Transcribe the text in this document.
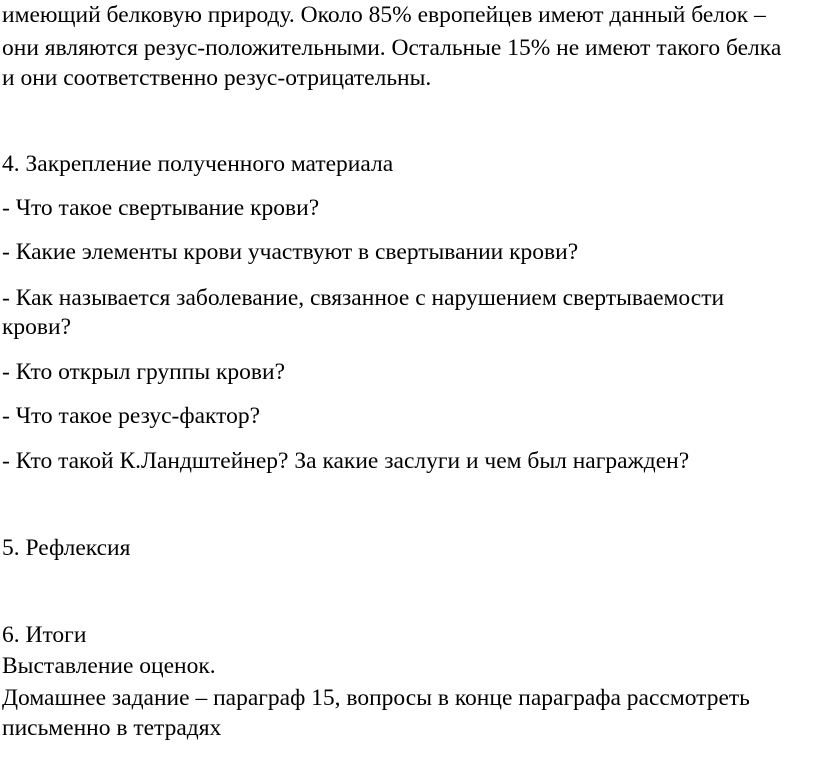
имеющий белковую природу. Около 85% европейцев имеют данный белок –
они являются резус-положительными. Остальные 15% не имеют такого белка
и они соответственно резус-отрицательны.
4. Закрепление полученного материала
- Что такое свертывание крови?
- Какие элементы крови участвуют в свертывании крови?
- Как называется заболевание, связанное с нарушением свертываемости
крови?
- Кто открыл группы крови?
- Что такое резус-фактор?
- Кто такой К.Ландштейнер? За какие заслуги и чем был награжден?
5. Рефлексия
6. Итоги
Выставление оценок.
Домашнее задание – параграф 15, вопросы в конце параграфа рассмотреть
письменно в тетрадях
